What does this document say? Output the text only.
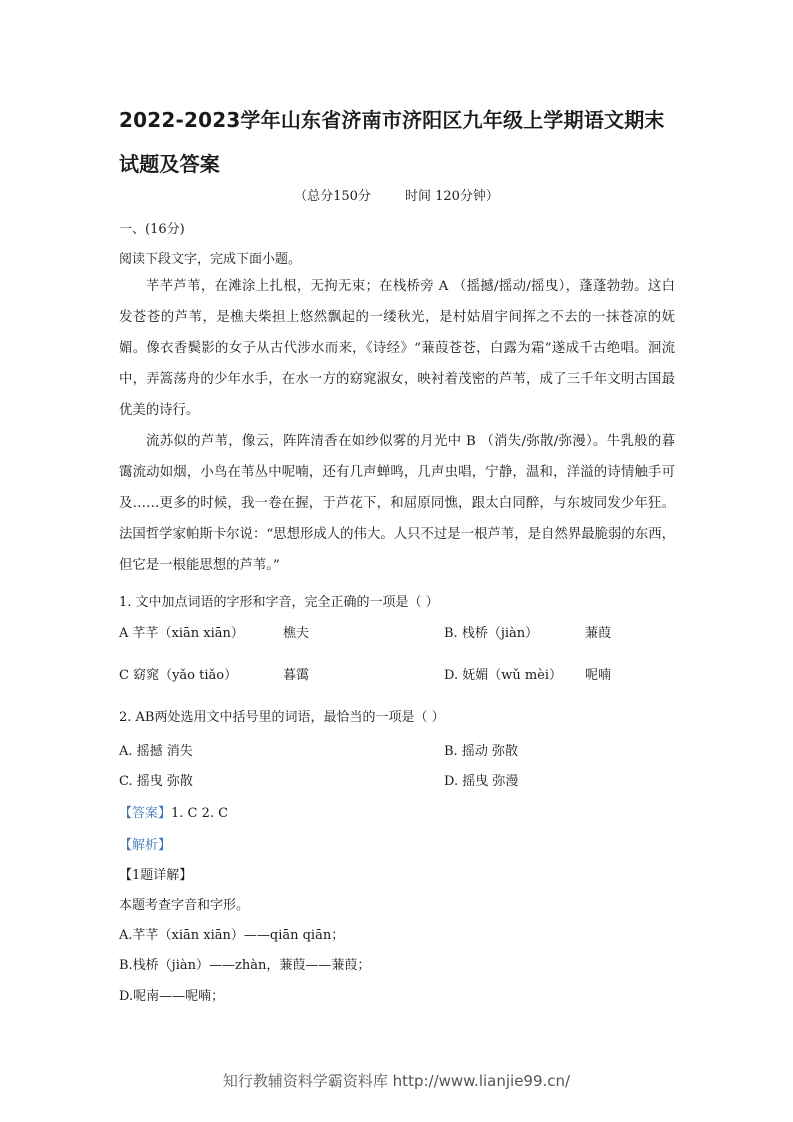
2022-2023学年山东省济南市济阳区九年级上学期语文期末试题及答案
（总分150分	时间 120分钟）
一、(16分)
阅读下段文字，完成下面小题。

芊芊芦苇，在滩涂上扎根，无拘无束；在栈桥旁 A （摇撼/摇动/摇曳），蓬蓬勃勃。这白发苍苍的芦苇，是樵夫柴担上悠然飘起的一缕秋光，是村姑眉宇间挥之不去的一抹苍凉的妩媚。像衣香鬓影的女子从古代涉水而来，《诗经》“蒹葭苍苍，白露为霜”遂成千古绝唱。洄流中，弄篙荡舟的少年水手，在水一方的窈窕淑女，映衬着茂密的芦苇，成了三千年文明古国最优美的诗行。

流苏似的芦苇，像云，阵阵清香在如纱似雾的月光中 B （消失/弥散/弥漫）。牛乳般的暮霭流动如烟，小鸟在苇丛中呢喃，还有几声蝉鸣，几声虫唱，宁静，温和，洋溢的诗情触手可及……更多的时候，我一卷在握，于芦花下，和屈原同憔，跟太白同醉，与东坡同发少年狂。法国哲学家帕斯卡尔说：“思想形成人的伟大。人只不过是一根芦苇，是自然界最脆弱的东西，但它是一根能思想的芦苇。”

1. 文中加点词语的字形和字音，完全正确的一项是（ ）
A 芊芊（xiān xiān）	樵夫	B. 栈桥（jiàn）	蒹葭
C 窈窕（yǎo tiǎo）	暮霭	D. 妩媚（wǔ mèi） 呢喃
2. AB两处选用文中括号里的词语，最恰当的一项是（ ）
A. 摇撼 消失	B. 摇动 弥散
C. 摇曳 弥散	D. 摇曳 弥漫
【答案】1. C 2. C
【解析】
【1题详解】
本题考查字音和字形。
A.芊芊（xiān xiān）——qiān qiān；
B.栈桥（jiàn）——zhàn，蒹葭——蒹葭；
D.呢南——呢喃；
知行教辅资料学霸资料库 http://www.lianjie99.cn/
